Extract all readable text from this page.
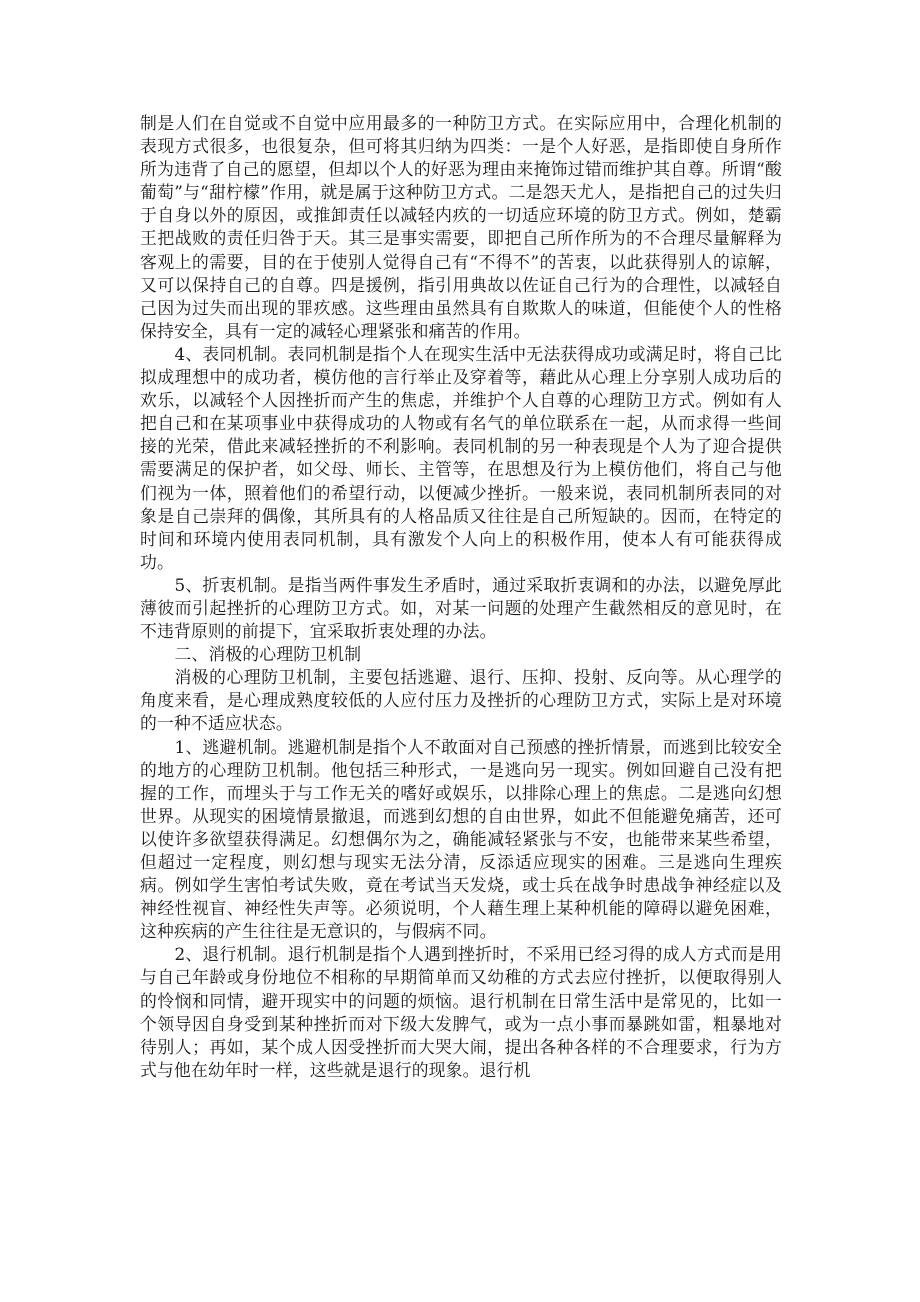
制是人们在自觉或不自觉中应用最多的一种防卫方式。在实际应用中，合理化机制的表现方式很多，也很复杂，但可将其归纳为四类：一是个人好恶，是指即使自身所作所为违背了自己的愿望，但却以个人的好恶为理由来掩饰过错而维护其自尊。所谓“酸葡萄”与“甜柠檬”作用，就是属于这种防卫方式。二是怨天尤人，是指把自己的过失归于自身以外的原因，或推卸责任以减轻内疚的一切适应环境的防卫方式。例如，楚霸王把战败的责任归咎于天。其三是事实需要，即把自己所作所为的不合理尽量解释为客观上的需要，目的在于使别人觉得自己有“不得不”的苦衷，以此获得别人的谅解，又可以保持自己的自尊。四是援例，指引用典故以佐证自己行为的合理性，以减轻自己因为过失而出现的罪疚感。这些理由虽然具有自欺欺人的味道，但能使个人的性格保持安全，具有一定的减轻心理紧张和痛苦的作用。

4、表同机制。表同机制是指个人在现实生活中无法获得成功或满足时，将自己比拟成理想中的成功者，模仿他的言行举止及穿着等，藉此从心理上分享别人成功后的欢乐，以减轻个人因挫折而产生的焦虑，并维护个人自尊的心理防卫方式。例如有人把自己和在某项事业中获得成功的人物或有名气的单位联系在一起，从而求得一些间接的光荣，借此来减轻挫折的不利影响。表同机制的另一种表现是个人为了迎合提供需要满足的保护者，如父母、师长、主管等，在思想及行为上模仿他们，将自己与他们视为一体，照着他们的希望行动，以便减少挫折。一般来说，表同机制所表同的对象是自己崇拜的偶像，其所具有的人格品质又往往是自己所短缺的。因而，在特定的时间和环境内使用表同机制，具有激发个人向上的积极作用，使本人有可能获得成功。

5、折衷机制。是指当两件事发生矛盾时，通过采取折衷调和的办法，以避免厚此薄彼而引起挫折的心理防卫方式。如，对某一问题的处理产生截然相反的意见时，在不违背原则的前提下，宜采取折衷处理的办法。

二、消极的心理防卫机制

消极的心理防卫机制，主要包括逃避、退行、压抑、投射、反向等。从心理学的角度来看，是心理成熟度较低的人应付压力及挫折的心理防卫方式，实际上是对环境的一种不适应状态。

1、逃避机制。逃避机制是指个人不敢面对自己预感的挫折情景，而逃到比较安全的地方的心理防卫机制。他包括三种形式，一是逃向另一现实。例如回避自己没有把握的工作，而埋头于与工作无关的嗜好或娱乐，以排除心理上的焦虑。二是逃向幻想世界。从现实的困境情景撤退，而逃到幻想的自由世界，如此不但能避免痛苦，还可以使许多欲望获得满足。幻想偶尔为之，确能减轻紧张与不安，也能带来某些希望，但超过一定程度，则幻想与现实无法分清，反添适应现实的困难。三是逃向生理疾病。例如学生害怕考试失败，竟在考试当天发烧，或士兵在战争时患战争神经症以及神经性视盲、神经性失声等。必须说明，个人藉生理上某种机能的障碍以避免困难，这种疾病的产生往往是无意识的，与假病不同。

2、退行机制。退行机制是指个人遇到挫折时，不采用已经习得的成人方式而是用与自己年龄或身份地位不相称的早期简单而又幼稚的方式去应付挫折，以便取得别人的怜悯和同情，避开现实中的问题的烦恼。退行机制在日常生活中是常见的，比如一个领导因自身受到某种挫折而对下级大发脾气，或为一点小事而暴跳如雷，粗暴地对待别人；再如，某个成人因受挫折而大哭大闹，提出各种各样的不合理要求，行为方式与他在幼年时一样，这些就是退行的现象。退行机
